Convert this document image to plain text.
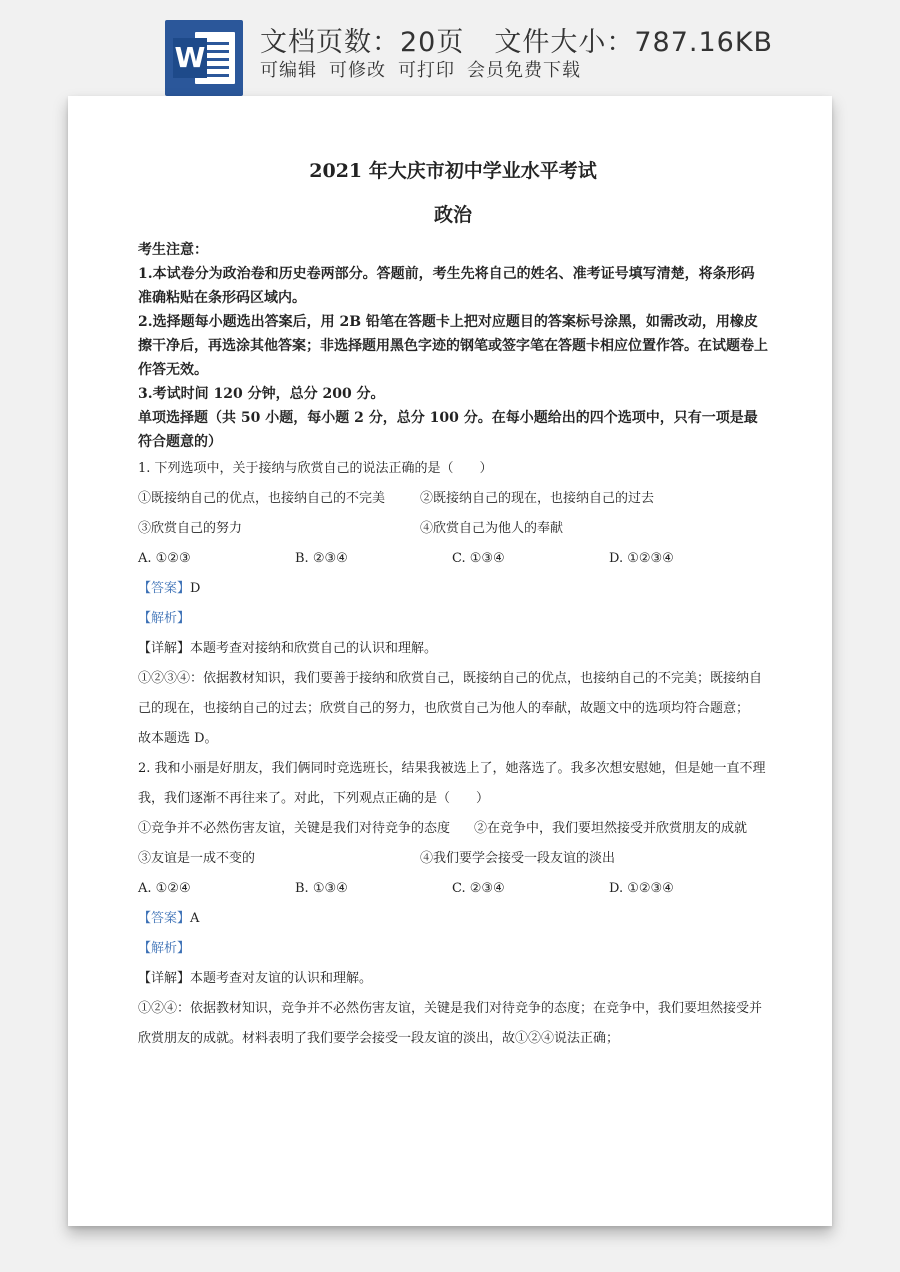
W 文档页数：20页 文件大小：787.16KB
可编辑 可修改 可打印 会员免费下载
2021 年大庆市初中学业水平考试
政治

考生注意：

1.本试卷分为政治卷和历史卷两部分。答题前，考生先将自己的姓名、准考证号填写清楚，将条形码准确粘贴在条形码区域内。

2.选择题每小题选出答案后，用 2B 铅笔在答题卡上把对应题目的答案标号涂黑，如需改动，用橡皮擦干净后，再选涂其他答案；非选择题用黑色字迹的钢笔或签字笔在答题卡相应位置作答。在试题卷上作答无效。

3.考试时间 120 分钟，总分 200 分。

单项选择题（共 50 小题，每小题 2 分，总分 100 分。在每小题给出的四个选项中，只有一项是最符合题意的）

1. 下列选项中，关于接纳与欣赏自己的说法正确的是（　　）

①既接纳自己的优点，也接纳自己的不完美	②既接纳自己的现在，也接纳自己的过去
③欣赏自己的努力	④欣赏自己为他人的奉献
A. ①②③	B. ②③④	C. ①③④	D. ①②③④

【答案】D

【解析】

【详解】本题考查对接纳和欣赏自己的认识和理解。

①②③④：依据教材知识，我们要善于接纳和欣赏自己，既接纳自己的优点，也接纳自己的不完美；既接纳自己的现在，也接纳自己的过去；欣赏自己的努力，也欣赏自己为他人的奉献，故题文中的选项均符合题意；

故本题选 D。

2. 我和小丽是好朋友，我们俩同时竞选班长，结果我被选上了，她落选了。我多次想安慰她，但是她一直不理我，我们逐渐不再往来了。对此，下列观点正确的是（　　）

①竞争并不必然伤害友谊，关键是我们对待竞争的态度	②在竞争中，我们要坦然接受并欣赏朋友的成就
③友谊是一成不变的	④我们要学会接受一段友谊的淡出
A. ①②④	B. ①③④	C. ②③④	D. ①②③④

【答案】A

【解析】

【详解】本题考查对友谊的认识和理解。

①②④：依据教材知识，竞争并不必然伤害友谊，关键是我们对待竞争的态度；在竞争中，我们要坦然接受并欣赏朋友的成就。材料表明了我们要学会接受一段友谊的淡出，故①②④说法正确；
